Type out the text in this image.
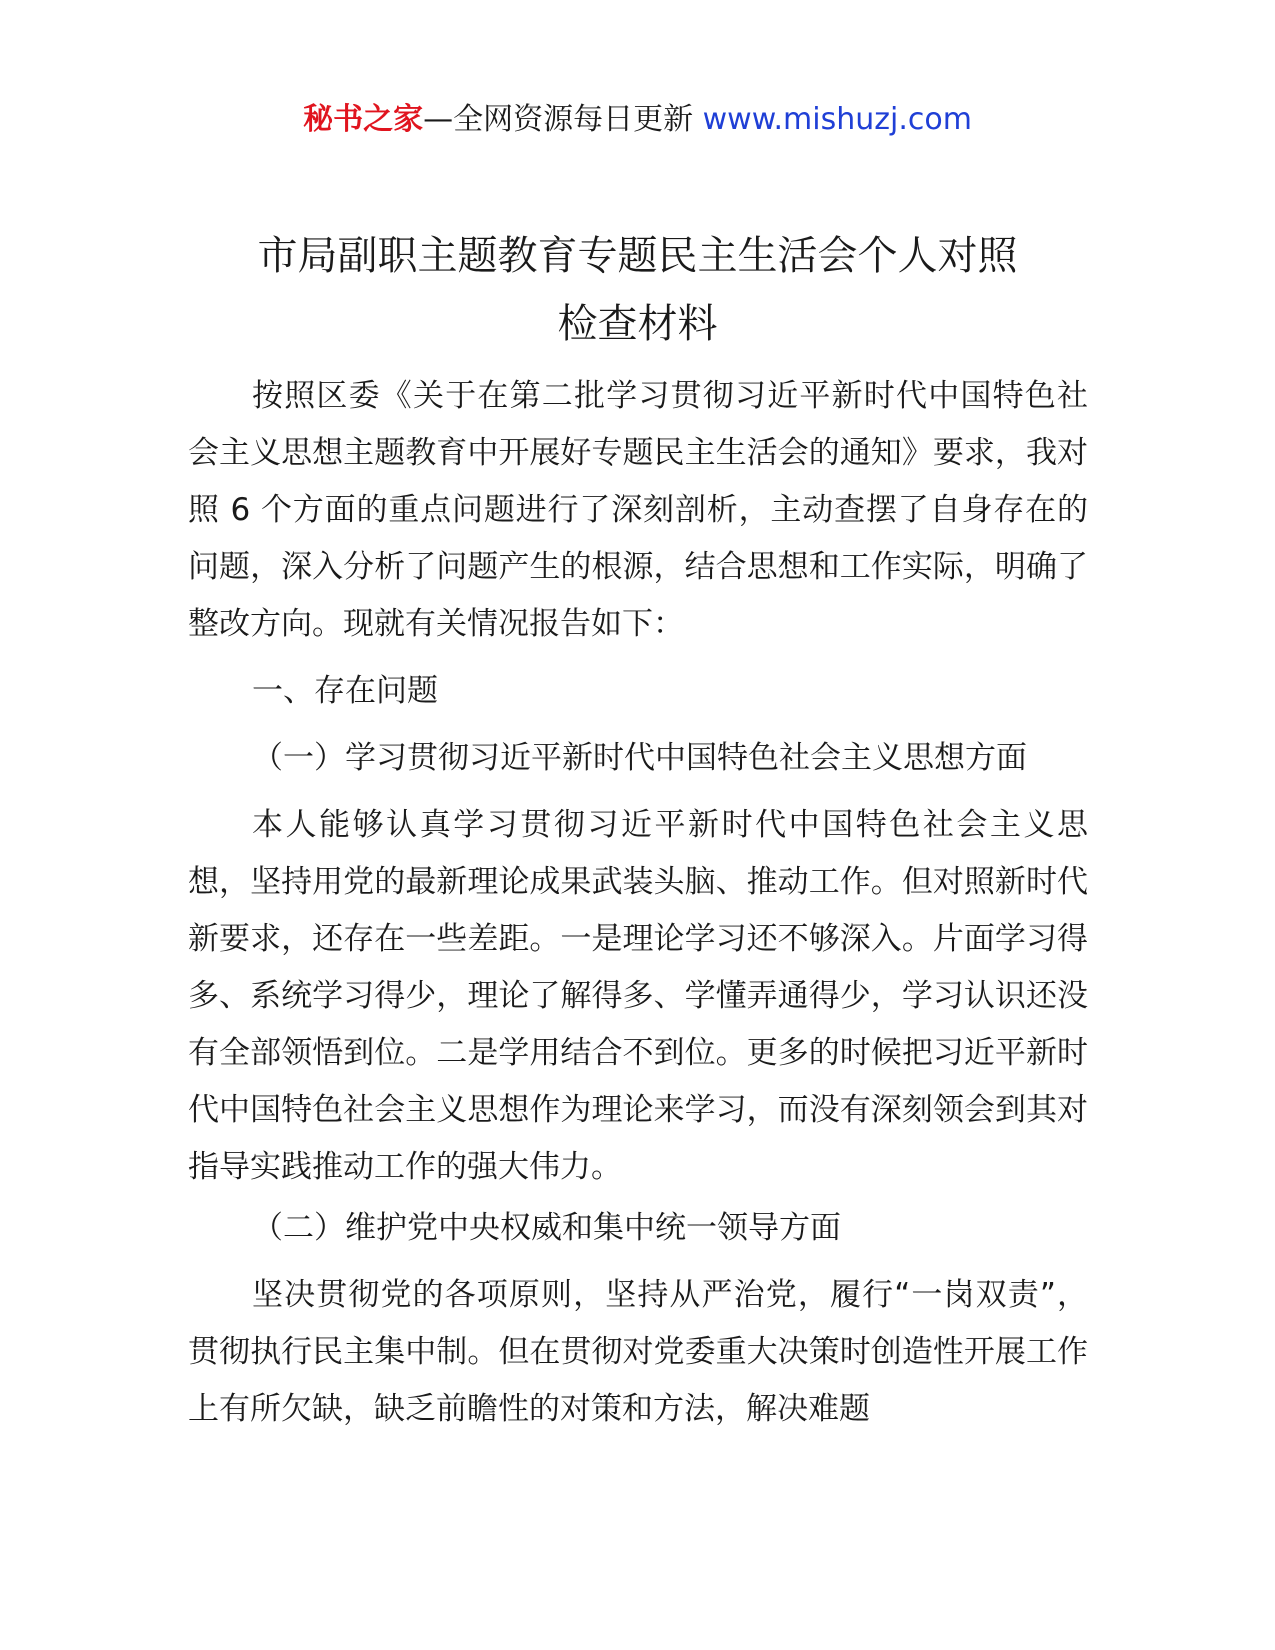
秘书之家—全网资源每日更新 www.mishuzj.com
市局副职主题教育专题民主生活会个人对照
检查材料

按照区委《关于在第二批学习贯彻习近平新时代中国特色社会主义思想主题教育中开展好专题民主生活会的通知》要求，我对照 6 个方面的重点问题进行了深刻剖析，主动查摆了自身存在的问题，深入分析了问题产生的根源，结合思想和工作实际，明确了整改方向。现就有关情况报告如下：

一、存在问题

（一）学习贯彻习近平新时代中国特色社会主义思想方面

本人能够认真学习贯彻习近平新时代中国特色社会主义思想，坚持用党的最新理论成果武装头脑、推动工作。但对照新时代新要求，还存在一些差距。一是理论学习还不够深入。片面学习得多、系统学习得少，理论了解得多、学懂弄通得少，学习认识还没有全部领悟到位。二是学用结合不到位。更多的时候把习近平新时代中国特色社会主义思想作为理论来学习，而没有深刻领会到其对指导实践推动工作的强大伟力。

（二）维护党中央权威和集中统一领导方面

坚决贯彻党的各项原则，坚持从严治党，履行“一岗双责”，贯彻执行民主集中制。但在贯彻对党委重大决策时创造性开展工作上有所欠缺，缺乏前瞻性的对策和方法，解决难题
